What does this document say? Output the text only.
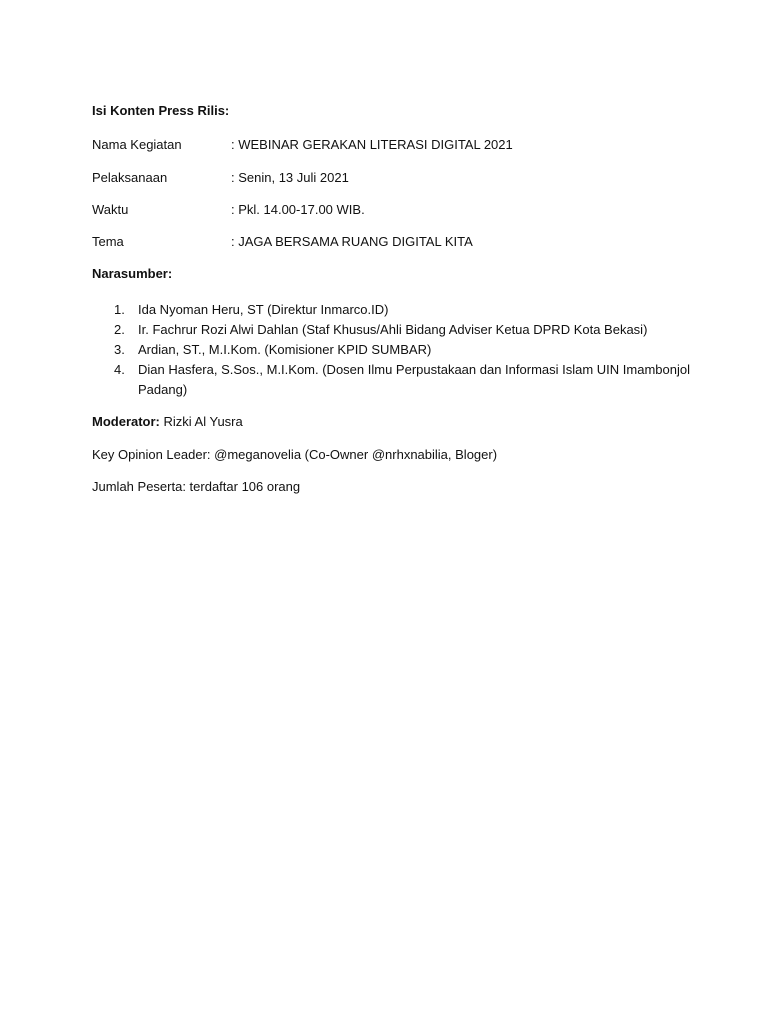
Isi Konten Press Rilis:
Nama Kegiatan	: WEBINAR GERAKAN LITERASI DIGITAL 2021
Pelaksanaan	: Senin, 13 Juli 2021
Waktu	: Pkl. 14.00-17.00 WIB.
Tema	: JAGA BERSAMA RUANG DIGITAL KITA
Narasumber:
1. Ida Nyoman Heru, ST (Direktur Inmarco.ID)
2. Ir. Fachrur Rozi Alwi Dahlan (Staf Khusus/Ahli Bidang Adviser Ketua DPRD Kota Bekasi)
3. Ardian, ST., M.I.Kom. (Komisioner KPID SUMBAR)
4. Dian Hasfera, S.Sos., M.I.Kom. (Dosen Ilmu Perpustakaan dan Informasi Islam UIN Imambonjol Padang)
Moderator: Rizki Al Yusra
Key Opinion Leader: @meganovelia (Co-Owner @nrhxnabilia, Bloger)
Jumlah Peserta: terdaftar 106 orang
